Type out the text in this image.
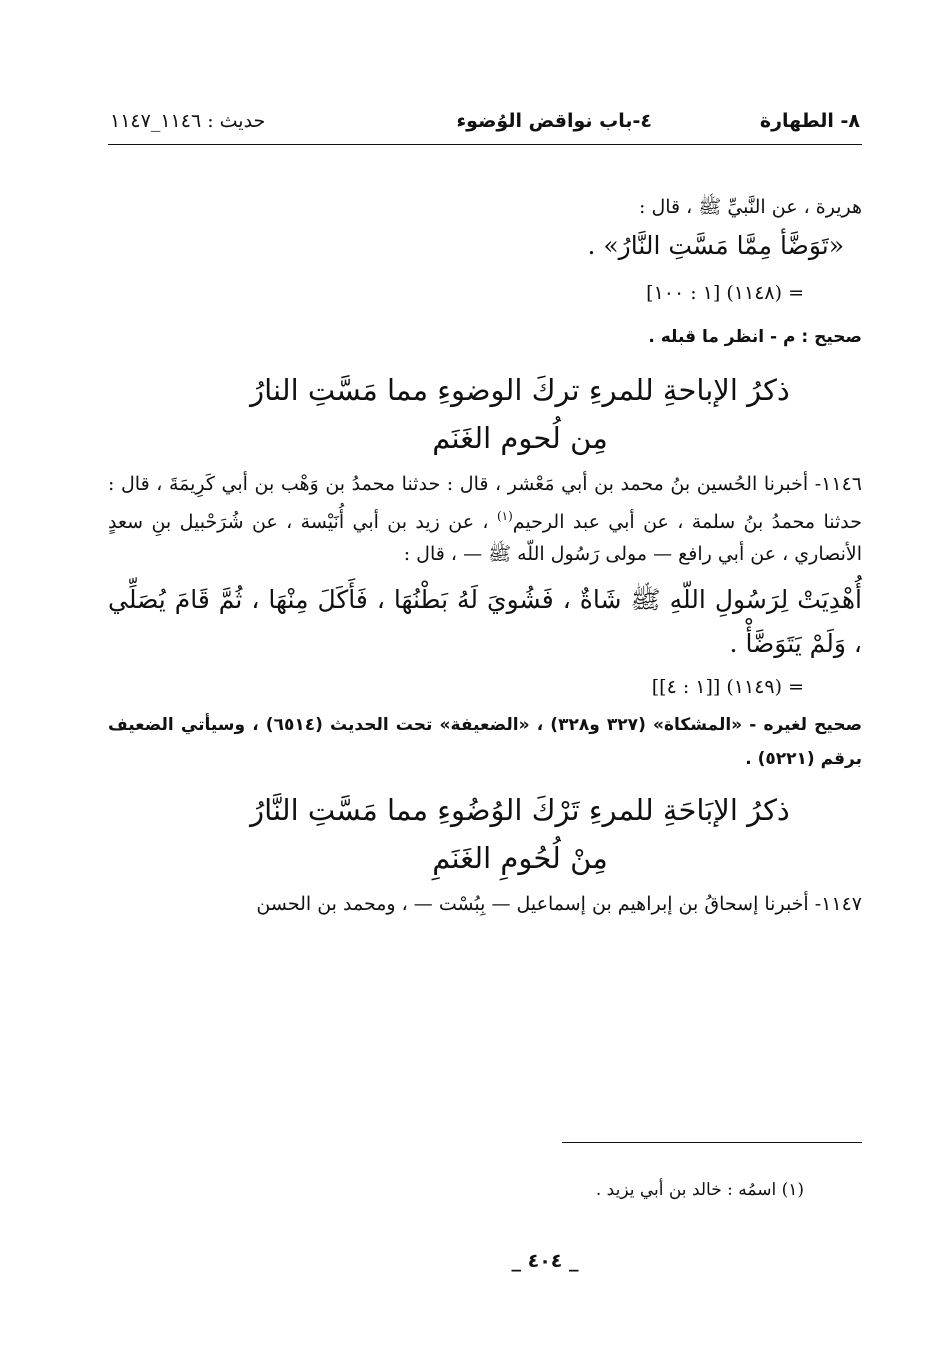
٨- الطهارة
٤-باب نواقض الوُضوء
حديث : ١١٤٦_١١٤٧

هريرة ، عن النَّبيِّ ﷺ ، قال :

«تَوَضَّأ مِمَّا مَسَّتِ النَّارُ» .

= (١١٤٨) [١ : ١٠٠]

صحيح : م - انظر ما قبله .

ذكرُ الإباحةِ للمرءِ تركَ الوضوءِ مما مَسَّتِ النارُ

مِن لُحوم الغَنَم

١١٤٦- أخبرنا الحُسين بنُ محمد بن أبي مَعْشر ، قال : حدثنا محمدُ بن وَهْب بن أبي كَرِيمَةَ ، قال : حدثنا محمدُ بنُ سلمة ، عن أبي عبد الرحيم$^{(١)}$ ، عن زيد بن أبي أُنَيْسة ، عن شُرَحْبيل بنِ سعدٍ الأنصاري ، عن أبي رافع — مولى رَسُول اللّه ﷺ — ، قال :

أُهْدِيَتْ لِرَسُولِ اللّهِ ﷺ شَاةٌ ، فَشُويَ لَهُ بَطْنُهَا ، فَأَكَلَ مِنْهَا ، ثُمَّ قَامَ يُصَلِّي ، وَلَمْ يَتَوَضَّأْ .

= (١١٤٩) [[١ : ٤]]

صحيح لغيره - «المشكاة» (٣٢٧ و٣٢٨) ، «الضعيفة» تحت الحديث (٦٥١٤) ، وسيأتي الضعيف برقم (٥٢٢١) .

ذكرُ الإبَاحَةِ للمرءِ تَرْكَ الوُضُوءِ مما مَسَّتِ النَّارُ

مِنْ لُحُومِ الغَنَمِ

١١٤٧- أخبرنا إسحاقُ بن إبراهيم بن إسماعيل — بِبُسْت — ، ومحمد بن الحسن

(١) اسمُه : خالد بن أبي يزيد .
_ ٤٠٤ _
